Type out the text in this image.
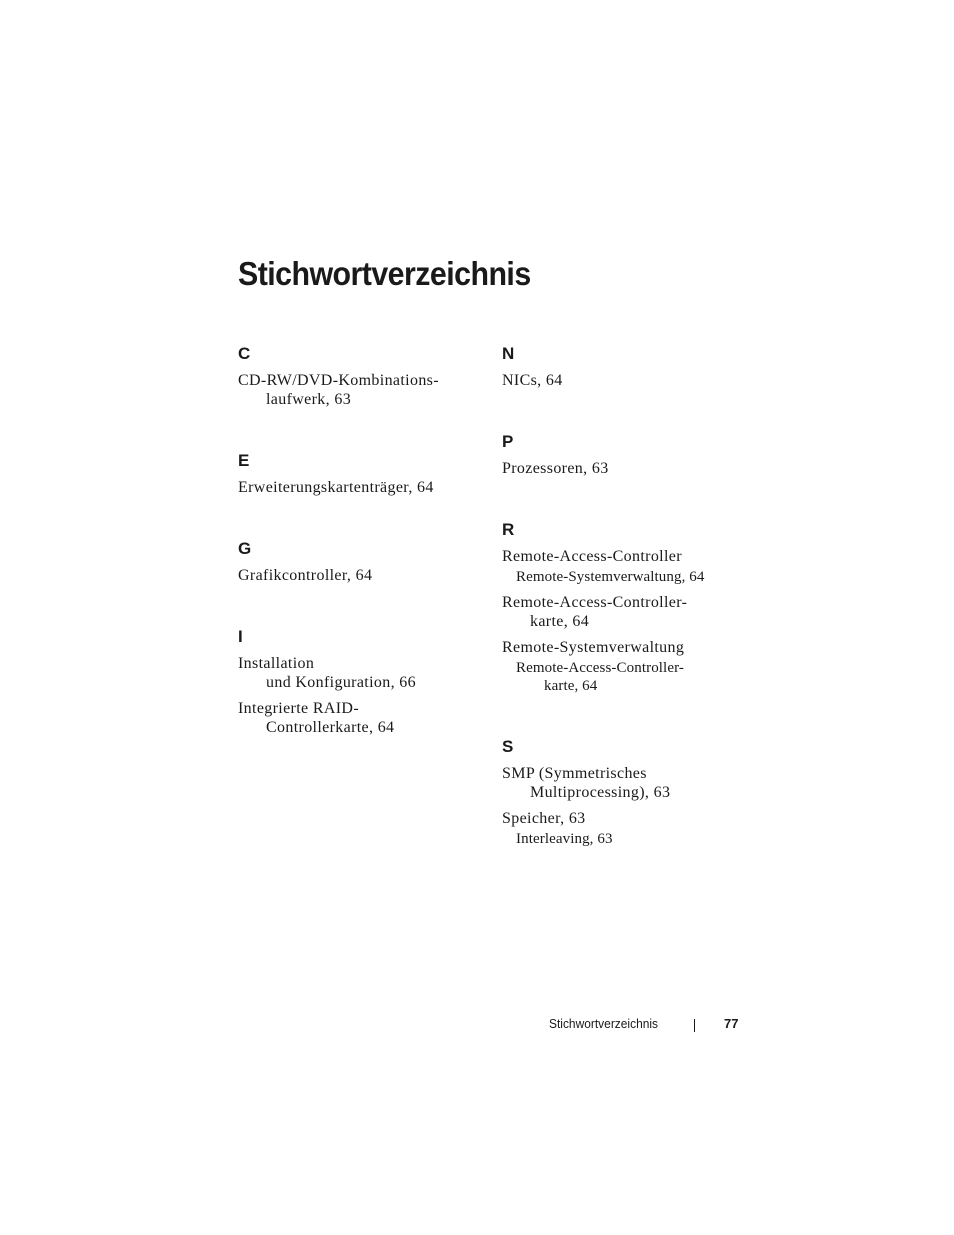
Stichwortverzeichnis
C
CD-RW/DVD-Kombinations-
laufwerk, 63
E
Erweiterungskartenträger, 64
G
Grafikcontroller, 64
I
Installation
und Konfiguration, 66
Integrierte RAID-
Controllerkarte, 64
N
NICs, 64
P
Prozessoren, 63
R
Remote-Access-Controller
Remote-Systemverwaltung, 64
Remote-Access-Controller-
karte, 64
Remote-Systemverwaltung
Remote-Access-Controller-
karte, 64
S
SMP (Symmetrisches
Multiprocessing), 63
Speicher, 63
Interleaving, 63
Stichwortverzeichnis	77
